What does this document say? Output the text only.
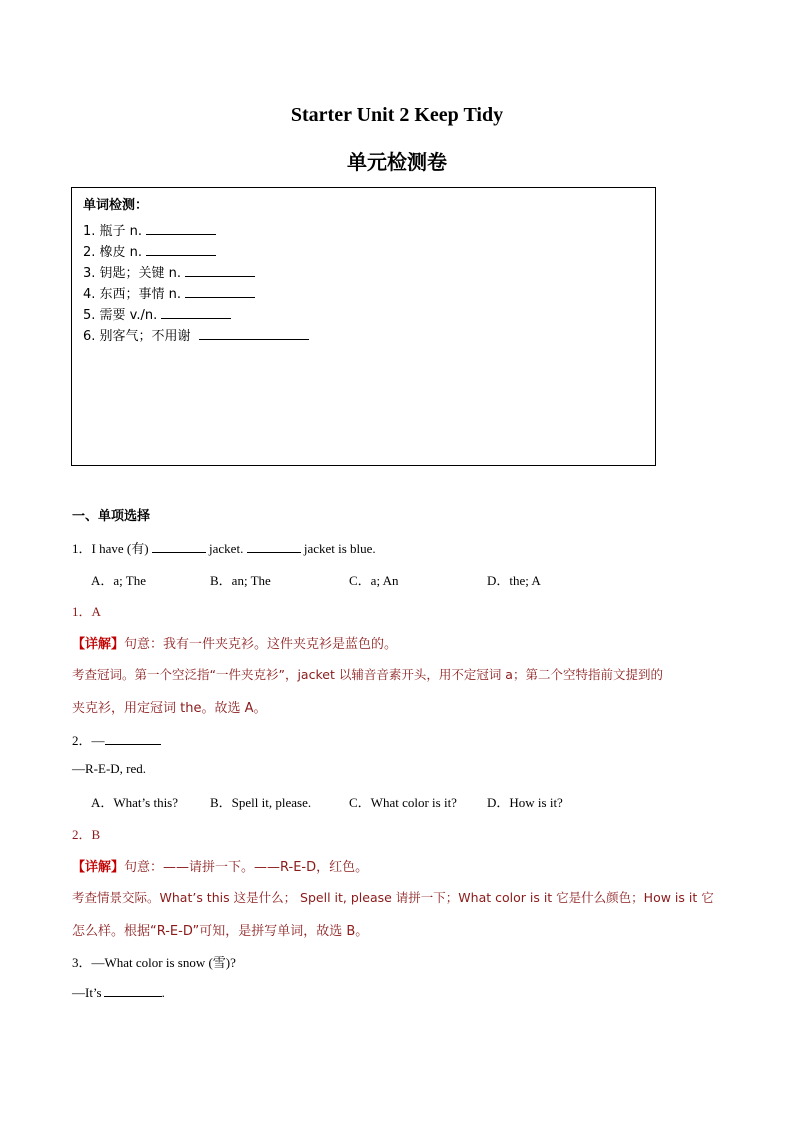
Starter Unit 2 Keep Tidy
单元检测卷
单词检测：
1. 瓶子 n.
2. 橡皮 n.
3. 钥匙；关键 n.
4. 东西；事情 n.
5. 需要 v./n.
6. 别客气；不用谢
一、单项选择
1．I have (有)	jacket.	jacket is blue.
A．a; The	B．an; The	C．a; An	D．the; A
1．A
【详解】句意：我有一件夹克衫。这件夹克衫是蓝色的。
考查冠词。第一个空泛指“一件夹克衫”，jacket 以辅音音素开头，用不定冠词 a；第二个空特指前文提到的
夹克衫，用定冠词 the。故选 A。
2．—
—R-E-D, red.
A．What’s this? B．Spell it, please.	C．What color is it? D．How is it?
2．B
【详解】句意：——请拼一下。——R-E-D，红色。
考查情景交际。What’s this 这是什么； Spell it, please 请拼一下；What color is it 它是什么颜色；How is it 它
怎么样。根据“R-E-D”可知，是拼写单词，故选 B。
3．—What color is snow (雪)?
—It’s	.
